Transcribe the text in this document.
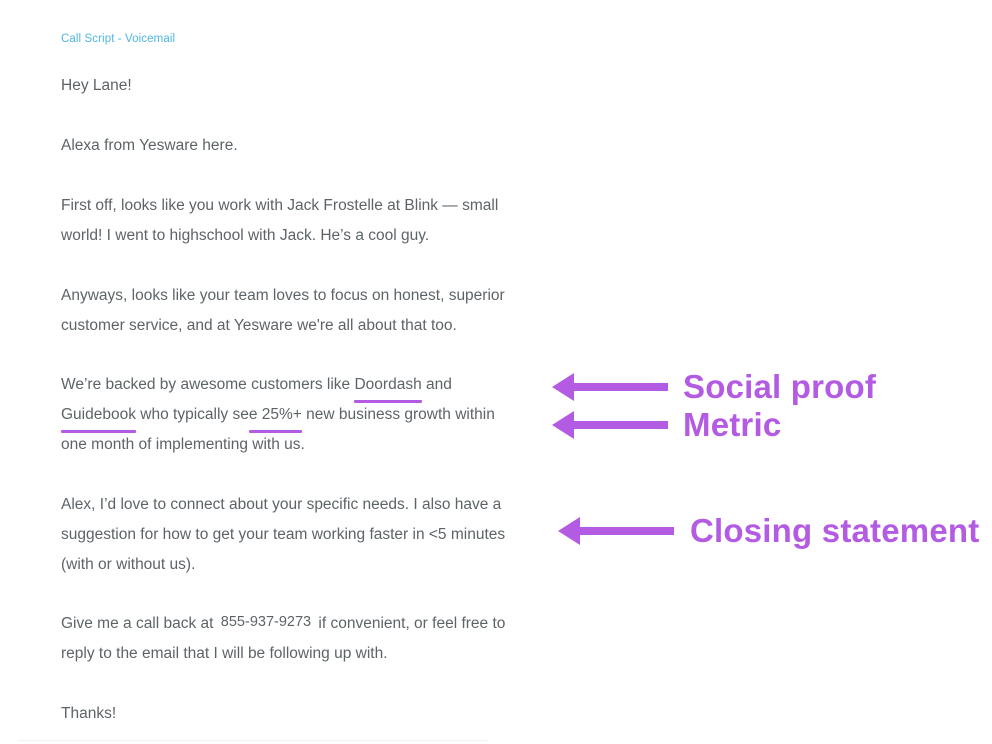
Call Script - Voicemail
Hey Lane!
Alexa from Yesware here.
First off, looks like you work with Jack Frostelle at Blink — small
world! I went to highschool with Jack. He’s a cool guy.
Anyways, looks like your team loves to focus on honest, superior
customer service, and at Yesware we're all about that too.
We’re backed by awesome customers like Doordash and
Guidebook who typically see 25%+ new business growth within
one month of implementing with us.
Alex, I’d love to connect about your specific needs. I also have a
suggestion for how to get your team working faster in <5 minutes
(with or without us).
Give me a call back at 855-937-9273 if convenient, or feel free to
reply to the email that I will be following up with.
Thanks!
Social proof
Metric
Closing statement
